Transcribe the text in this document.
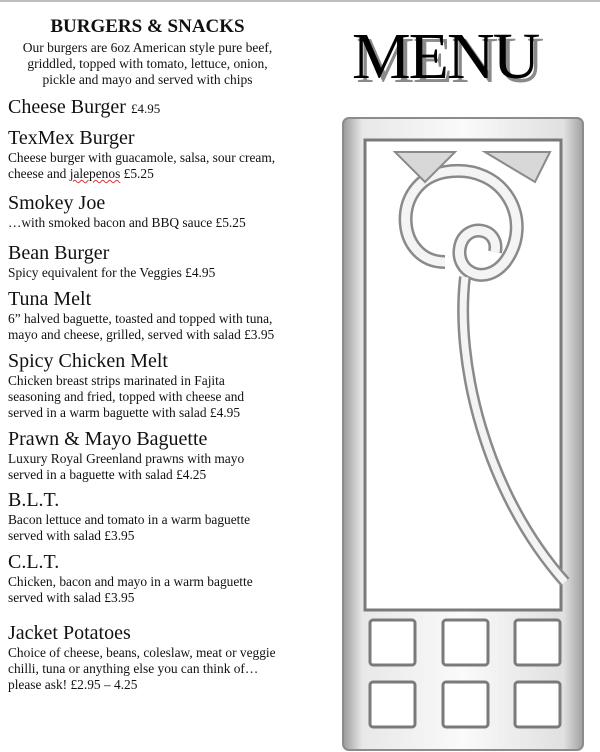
BURGERS & SNACKS
Our burgers are 6oz American style pure beef,
griddled, topped with tomato, lettuce, onion,
pickle and mayo and served with chips
Cheese Burger £4.95
TexMex Burger
Cheese burger with guacamole, salsa, sour cream,
cheese and jalepenos £5.25
Smokey Joe
…with smoked bacon and BBQ sauce £5.25
Bean Burger
Spicy equivalent for the Veggies £4.95
Tuna Melt
6” halved baguette, toasted and topped with tuna,
mayo and cheese, grilled, served with salad £3.95
Spicy Chicken Melt
Chicken breast strips marinated in Fajita
seasoning and fried, topped with cheese and
served in a warm baguette with salad £4.95
Prawn & Mayo Baguette
Luxury Royal Greenland prawns with mayo
served in a baguette with salad £4.25
B.L.T.
Bacon lettuce and tomato in a warm baguette
served with salad £3.95
C.L.T.
Chicken, bacon and mayo in a warm baguette
served with salad £3.95
Jacket Potatoes
Choice of cheese, beans, coleslaw, meat or veggie
chilli, tuna or anything else you can think of…
please ask! £2.95 – 4.25
MENU
